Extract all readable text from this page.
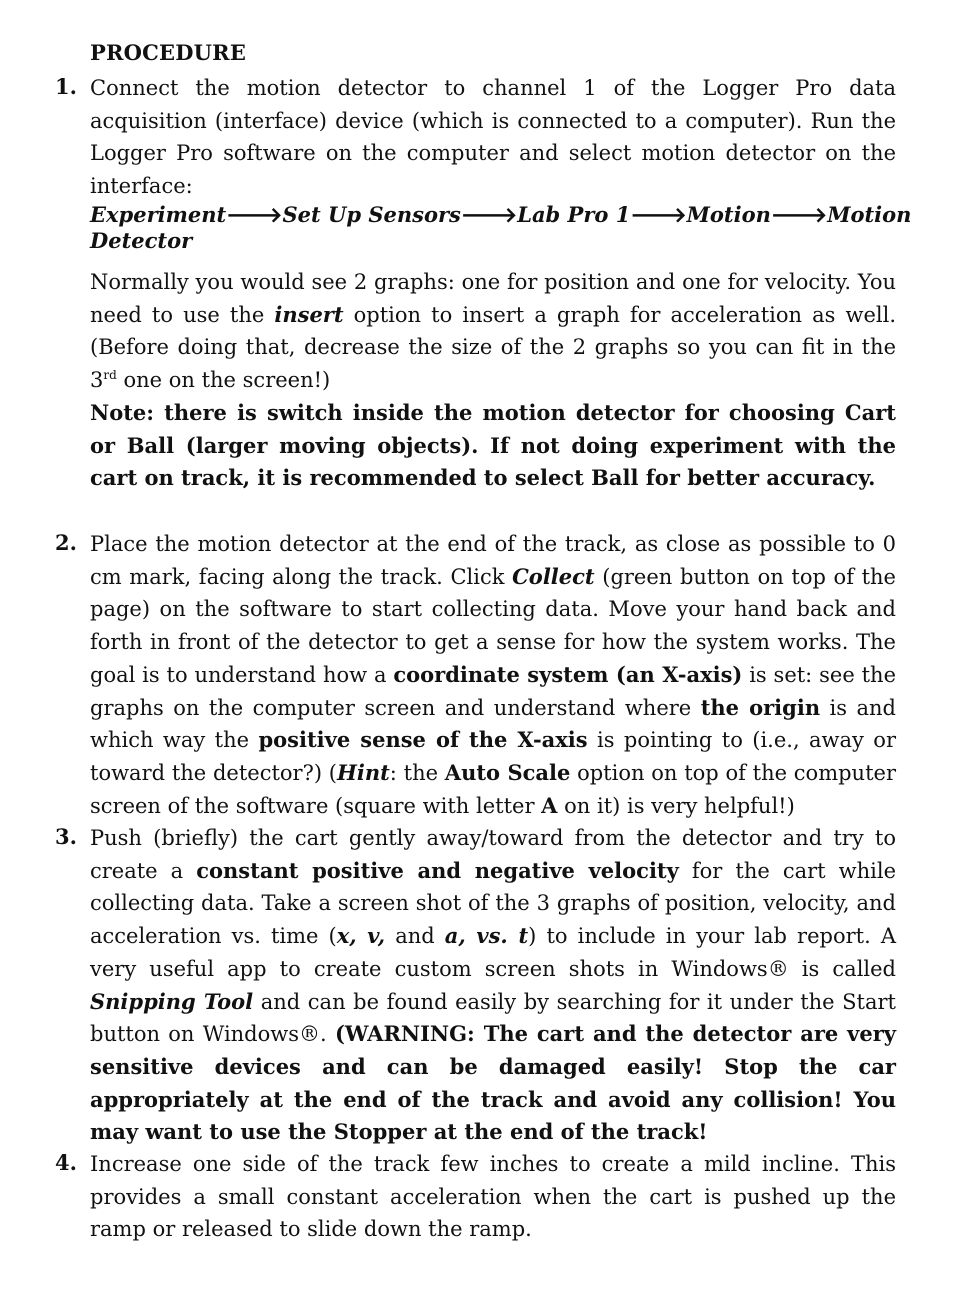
PROCEDURE
1. Connect the motion detector to channel 1 of the Logger Pro data acquisition (interface) device (which is connected to a computer). Run the Logger Pro software on the computer and select motion detector on the interface:
Experiment🡒Set Up Sensors🡒Lab Pro 1🡒Motion🡒Motion Detector
Normally you would see 2 graphs: one for position and one for velocity. You need to use the insert option to insert a graph for acceleration as well. (Before doing that, decrease the size of the 2 graphs so you can fit in the 3rd one on the screen!)
Note: there is switch inside the motion detector for choosing Cart or Ball (larger moving objects). If not doing experiment with the cart on track, it is recommended to select Ball for better accuracy.
2. Place the motion detector at the end of the track, as close as possible to 0 cm mark, facing along the track. Click Collect (green button on top of the page) on the software to start collecting data. Move your hand back and forth in front of the detector to get a sense for how the system works. The goal is to understand how a coordinate system (an X-axis) is set: see the graphs on the computer screen and understand where the origin is and which way the positive sense of the X-axis is pointing to (i.e., away or toward the detector?) (Hint: the Auto Scale option on top of the computer screen of the software (square with letter A on it) is very helpful!)
3. Push (briefly) the cart gently away/toward from the detector and try to create a constant positive and negative velocity for the cart while collecting data. Take a screen shot of the 3 graphs of position, velocity, and acceleration vs. time (x, v, and a, vs. t) to include in your lab report. A very useful app to create custom screen shots in Windows® is called Snipping Tool and can be found easily by searching for it under the Start button on Windows®. (WARNING: The cart and the detector are very sensitive devices and can be damaged easily! Stop the car appropriately at the end of the track and avoid any collision! You may want to use the Stopper at the end of the track!
4. Increase one side of the track few inches to create a mild incline. This provides a small constant acceleration when the cart is pushed up the ramp or released to slide down the ramp.
